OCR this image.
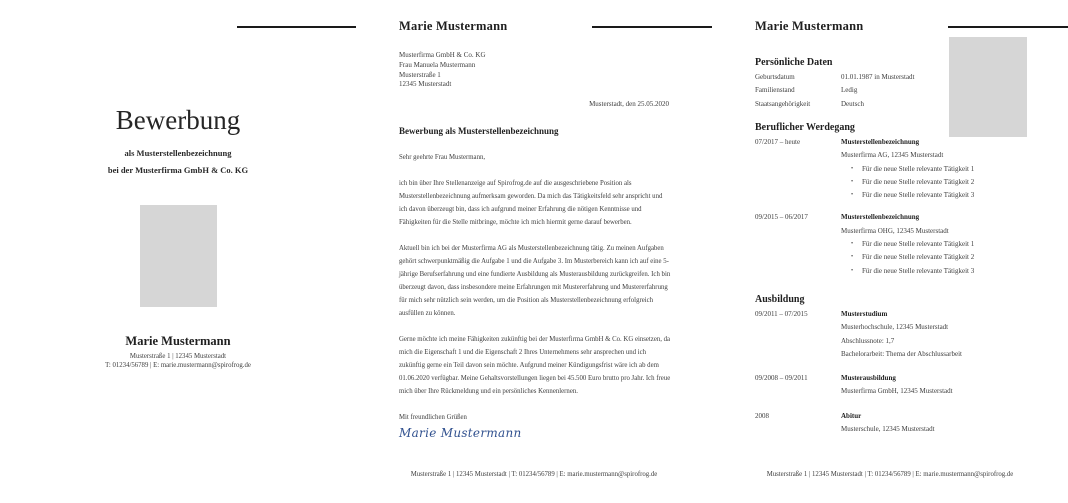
Bewerbung
als Musterstellenbezeichnung
bei der Musterfirma GmbH & Co. KG
Marie Mustermann
Musterstraße 1 | 12345 Musterstadt
T: 01234/56789 | E: marie.mustermann@spirofrog.de
Marie Mustermann
Musterfirma GmbH & Co. KG
Frau Manuela Mustermann
Musterstraße 1
12345 Musterstadt
Musterstadt, den 25.05.2020
Bewerbung als Musterstellenbezeichnung

Sehr geehrte Frau Mustermann,

ich bin über Ihre Stellenanzeige auf Spirofrog.de auf die ausgeschriebene Position als Musterstellenbezeichnung aufmerksam geworden. Da mich das Tätigkeitsfeld sehr anspricht und ich davon überzeugt bin, dass ich aufgrund meiner Erfahrung die nötigen Kenntnisse und Fähigkeiten für die Stelle mitbringe, möchte ich mich hiermit gerne darauf bewerben.

Aktuell bin ich bei der Musterfirma AG als Musterstellenbezeichnung tätig. Zu meinen Aufgaben gehört schwerpunktmäßig die Aufgabe 1 und die Aufgabe 3. Im Musterbereich kann ich auf eine 5-jährige Berufserfahrung und eine fundierte Ausbildung als Musterausbildung zurückgreifen. Ich bin überzeugt davon, dass insbesondere meine Erfahrungen mit Mustererfahrung und Mustererfahrung für mich sehr nützlich sein werden, um die Position als Musterstellenbezeichnung erfolgreich ausfüllen zu können.

Gerne möchte ich meine Fähigkeiten zukünftig bei der Musterfirma GmbH & Co. KG einsetzen, da mich die Eigenschaft 1 und die Eigenschaft 2 Ihres Unternehmens sehr ansprechen und ich zukünftig gerne ein Teil davon sein möchte. Aufgrund meiner Kündigungsfrist wäre ich ab dem 01.06.2020 verfügbar. Meine Gehaltsvorstellungen liegen bei 45.500 Euro brutto pro Jahr. Ich freue mich über Ihre Rückmeldung und ein persönliches Kennenlernen.

Mit freundlichen Grüßen

Marie Mustermann
Musterstraße 1 | 12345 Musterstadt | T: 01234/56789 | E: marie.mustermann@spirofrog.de
Marie Mustermann
Persönliche Daten
Geburtsdatum	01.01.1987 in Musterstadt
Familienstand	Ledig
Staatsangehörigkeit	Deutsch
Beruflicher Werdegang
07/2017 – heute	Musterstellenbezeichnung
Musterfirma AG, 12345 Musterstadt
•	Für die neue Stelle relevante Tätigkeit 1
•	Für die neue Stelle relevante Tätigkeit 2
•	Für die neue Stelle relevante Tätigkeit 3
09/2015 – 06/2017	Musterstellenbezeichnung
Musterfirma OHG, 12345 Musterstadt
•	Für die neue Stelle relevante Tätigkeit 1
•	Für die neue Stelle relevante Tätigkeit 2
•	Für die neue Stelle relevante Tätigkeit 3
Ausbildung
09/2011 – 07/2015	Musterstudium
Musterhochschule, 12345 Musterstadt
Abschlussnote: 1,7
Bachelorarbeit: Thema der Abschlussarbeit
09/2008 – 09/2011	Musterausbildung
Musterfirma GmbH, 12345 Musterstadt
2008	Abitur
Musterschule, 12345 Musterstadt
Musterstraße 1 | 12345 Musterstadt | T: 01234/56789 | E: marie.mustermann@spirofrog.de
